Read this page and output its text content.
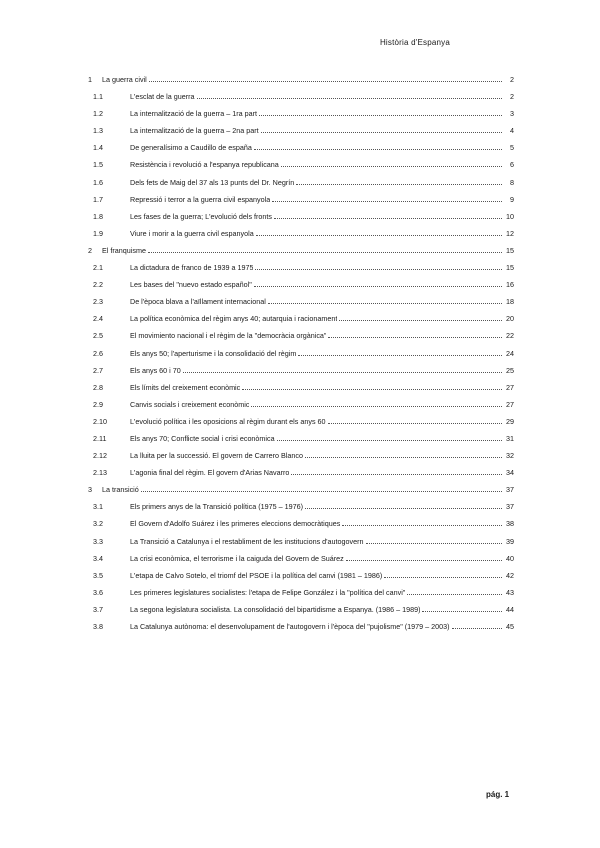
Història d'Espanya
1	La guerra civil	2
1.1	L'esclat de la guerra	2
1.2	La internalització de la guerra – 1ra part	3
1.3	La internalització de la guerra – 2na part	4
1.4	De generalísimo a Caudillo de españa	5
1.5	Resistència i revolució a l'espanya republicana	6
1.6	Dels fets de Maig del 37 als 13 punts del Dr. Negrín	8
1.7	Repressió i terror a la guerra civil espanyola	9
1.8	Les fases de la guerra; L'evolució dels fronts	10
1.9	Viure i morir a la guerra civil espanyola	12
2	El franquisme	15
2.1	La dictadura de franco de 1939 a 1975	15
2.2	Les bases del "nuevo estado español"	16
2.3	De l'època blava a l'aïllament internacional	18
2.4	La política econòmica del règim anys 40; autarquia i racionament	20
2.5	El movimiento nacional i el règim de la "democràcia orgànica"	22
2.6	Els anys 50; l'aperturisme i la consolidació del règim	24
2.7	Els anys 60 i 70	25
2.8	Els límits del creixement econòmic	27
2.9	Canvis socials i creixement econòmic	27
2.10	L'evolució política i les oposicions al règim durant els anys 60	29
2.11	Els anys 70; Conflicte social i crisi econòmica	31
2.12	La lluita per la successió. El govern de Carrero Blanco	32
2.13	L'agonia final del règim. El govern d'Arias Navarro	34
3	La transició	37
3.1	Els primers anys de la Transició política (1975 – 1976)	37
3.2	El Govern d'Adolfo Suárez i les primeres eleccions democràtiques	38
3.3	La Transició a Catalunya i el restabliment de les institucions d'autogovern	39
3.4	La crisi econòmica, el terrorisme i la caiguda del Govern de Suárez	40
3.5	L'etapa de Calvo Sotelo, el triomf del PSOE i la política del canvi (1981 – 1986)	42
3.6	Les primeres legislatures socialistes: l'etapa de Felipe González i la "política del canvi"	43
3.7	La segona legislatura socialista. La consolidació del bipartidisme a Espanya. (1986 – 1989)	44
3.8	La Catalunya autònoma: el desenvolupament de l'autogovern i l'època del "pujolisme" (1979 – 2003)	45
pág. 1
